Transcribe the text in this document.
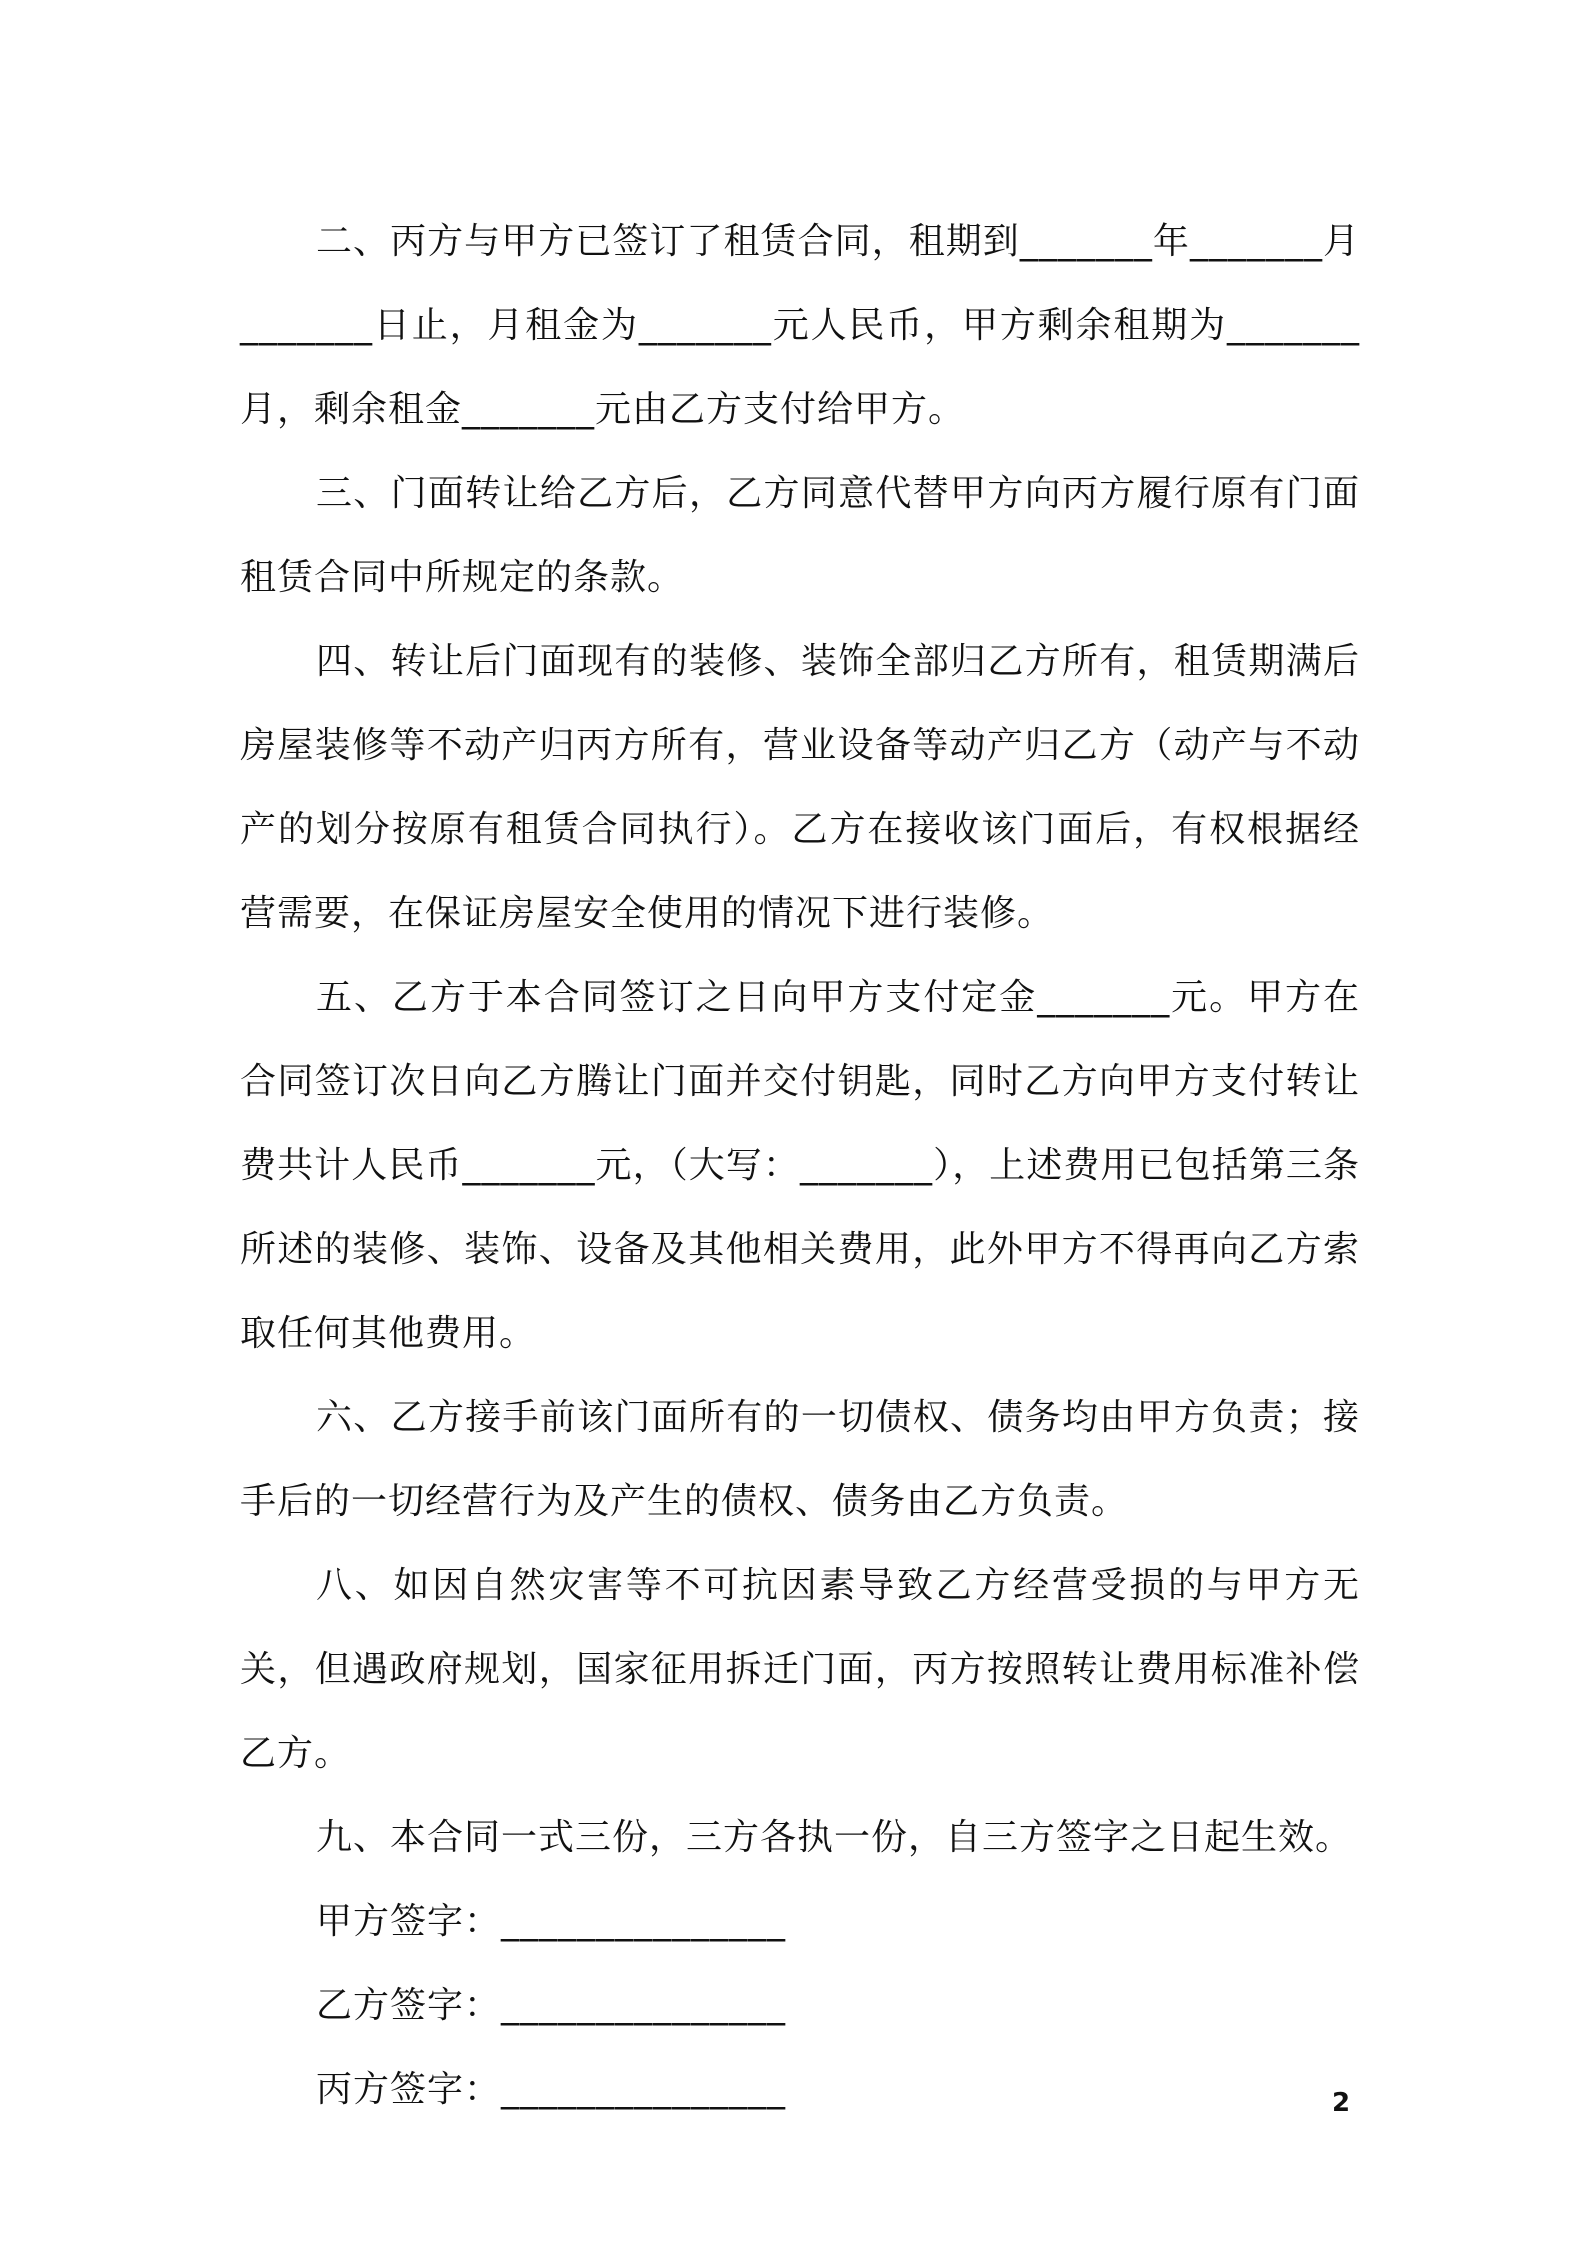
二、丙方与甲方已签订了租赁合同，租期到_______年_______月_______日止，月租金为_______元人民币，甲方剩余租期为_______月，剩余租金_______元由乙方支付给甲方。

三、门面转让给乙方后，乙方同意代替甲方向丙方履行原有门面租赁合同中所规定的条款。

四、转让后门面现有的装修、装饰全部归乙方所有，租赁期满后房屋装修等不动产归丙方所有，营业设备等动产归乙方（动产与不动产的划分按原有租赁合同执行）。乙方在接收该门面后，有权根据经营需要，在保证房屋安全使用的情况下进行装修。

五、乙方于本合同签订之日向甲方支付定金_______元。甲方在合同签订次日向乙方腾让门面并交付钥匙，同时乙方向甲方支付转让费共计人民币_______元，（大写：_______），上述费用已包括第三条所述的装修、装饰、设备及其他相关费用，此外甲方不得再向乙方索取任何其他费用。

六、乙方接手前该门面所有的一切债权、债务均由甲方负责；接手后的一切经营行为及产生的债权、债务由乙方负责。

八、如因自然灾害等不可抗因素导致乙方经营受损的与甲方无关，但遇政府规划，国家征用拆迁门面，丙方按照转让费用标准补偿乙方。

九、本合同一式三份，三方各执一份，自三方签字之日起生效。

甲方签字：_______________
乙方签字：_______________
丙方签字：_______________	2
